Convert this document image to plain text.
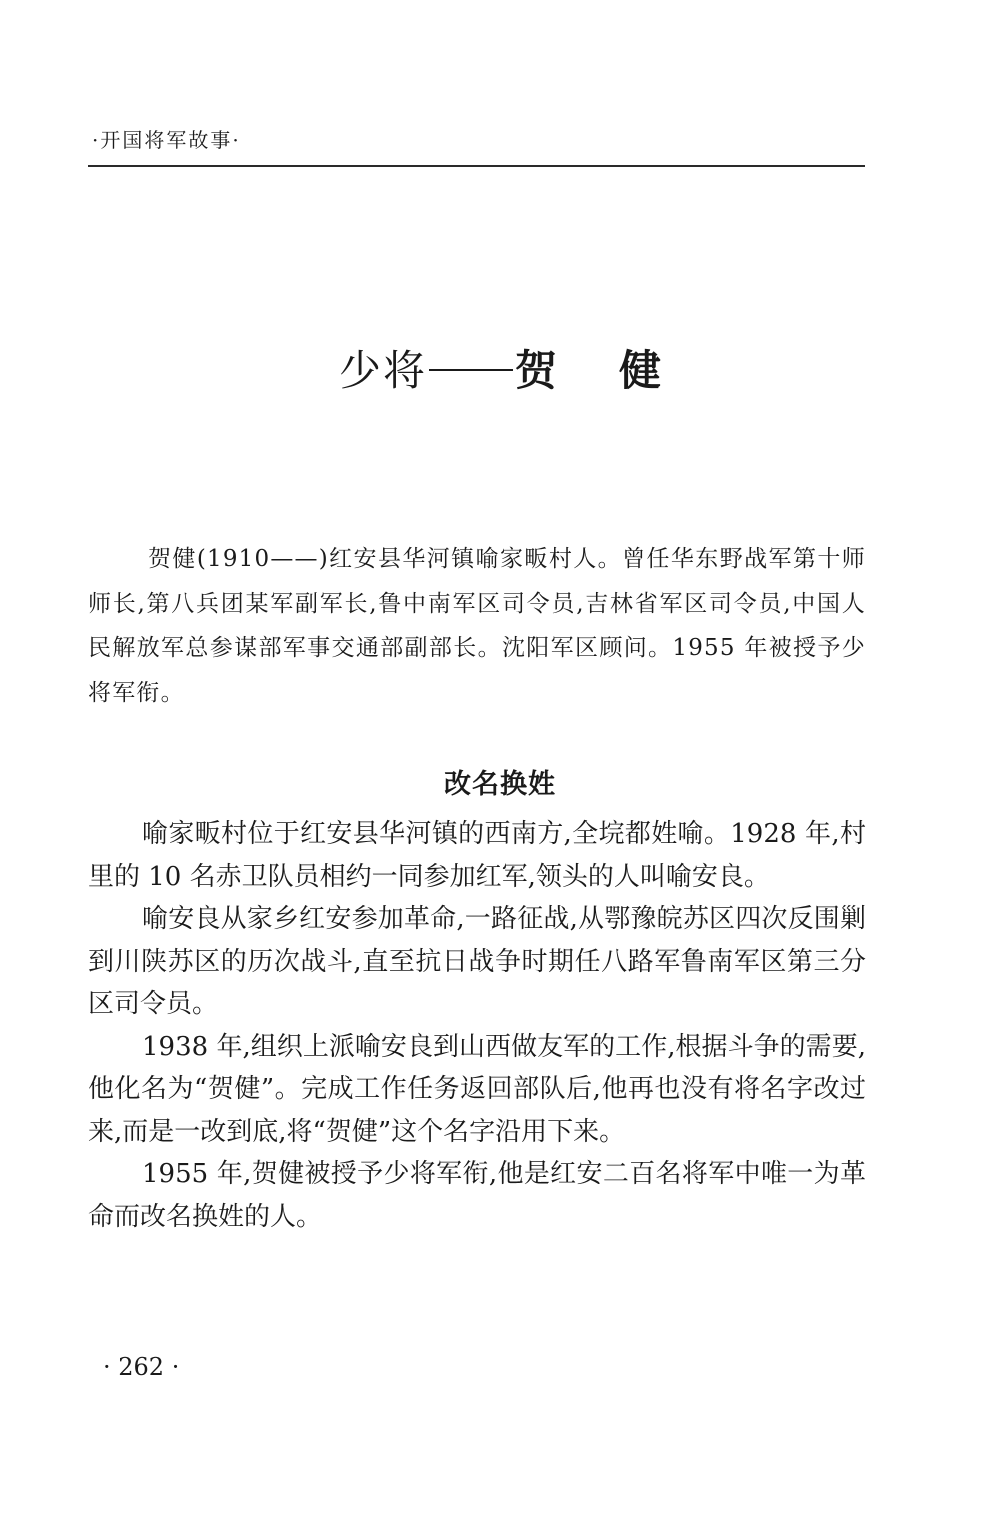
·开国将军故事·
少将 贺 健

贺健(1910——)红安县华河镇喻家畈村人。曾任华东野战军第十师师长,第八兵团某军副军长,鲁中南军区司令员,吉林省军区司令员,中国人民解放军总参谋部军事交通部副部长。沈阳军区顾问。1955 年被授予少将军衔。

改名换姓

喻家畈村位于红安县华河镇的西南方,全垸都姓喻。1928 年,村里的 10 名赤卫队员相约一同参加红军,领头的人叫喻安良。

喻安良从家乡红安参加革命,一路征战,从鄂豫皖苏区四次反围剿到川陕苏区的历次战斗,直至抗日战争时期任八路军鲁南军区第三分区司令员。

1938 年,组织上派喻安良到山西做友军的工作,根据斗争的需要,他化名为“贺健”。完成工作任务返回部队后,他再也没有将名字改过来,而是一改到底,将“贺健”这个名字沿用下来。

1955 年,贺健被授予少将军衔,他是红安二百名将军中唯一为革命而改名换姓的人。

· 262 ·
